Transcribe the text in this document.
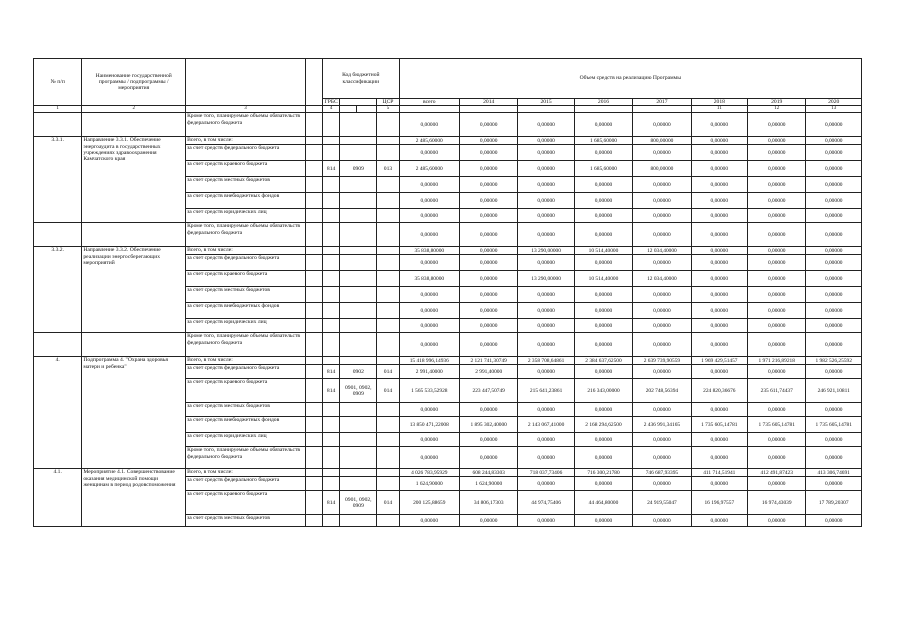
№ п/п	Наименование государственной программы / подпрограммы / мероприятия			Код бюджетной классификации				Объем средств на реализацию Программы							
				ГРБС			ЦСР	всего	2014	2015	2016	2017	2018	2019	2020
1	2	3		4			5						11	12	13
		Кроме того, планируемые объемы обязательств федерального бюджета						0,00000	0,00000	0,00000	0,00000	0,00000	0,00000	0,00000	0,00000
3.3.1.	Направление 3.3.1. Обеспечение энергоаудита в государственных учреждениях здравоохранения Камчатского края	Всего, в том числе:						2 485,60000	0,00000	0,00000	1 685,60000	800,00000	0,00000	0,00000	0,00000
		за счет средств федерального бюджета						0,00000	0,00000	0,00000	0,00000	0,00000	0,00000	0,00000	0,00000
		за счет средств краевого бюджета		814	0909		013	2 485,60000	0,00000	0,00000	1 685,60000	800,00000	0,00000	0,00000	0,00000
		за счет средств местных бюджетов						0,00000	0,00000	0,00000	0,00000	0,00000	0,00000	0,00000	0,00000
		за счет средств внебюджетных фондов						0,00000	0,00000	0,00000	0,00000	0,00000	0,00000	0,00000	0,00000
		за счет средств юридических лиц						0,00000	0,00000	0,00000	0,00000	0,00000	0,00000	0,00000	0,00000
		Кроме того, планируемые объемы обязательств федерального бюджета						0,00000	0,00000	0,00000	0,00000	0,00000	0,00000	0,00000	0,00000
3.3.2.	Направление 3.3.2. Обеспечение реализации энергосберегающих мероприятий	Всего, в том числе:						35 838,80000	0,00000	13 290,00000	10 514,40000	12 034,40000	0,00000	0,00000	0,00000
		за счет средств федерального бюджета						0,00000	0,00000	0,00000	0,00000	0,00000	0,00000	0,00000	0,00000
		за счет средств краевого бюджета						35 838,80000	0,00000	13 290,00000	10 514,40000	12 034,40000	0,00000	0,00000	0,00000
		за счет средств местных бюджетов						0,00000	0,00000	0,00000	0,00000	0,00000	0,00000	0,00000	0,00000
		за счет средств внебюджетных фондов						0,00000	0,00000	0,00000	0,00000	0,00000	0,00000	0,00000	0,00000
		за счет средств юридических лиц						0,00000	0,00000	0,00000	0,00000	0,00000	0,00000	0,00000	0,00000
		Кроме того, планируемые объемы обязательств федерального бюджета						0,00000	0,00000	0,00000	0,00000	0,00000	0,00000	0,00000	0,00000
4.	Подпрограмма 4. "Охрана здоровья матери и ребенка"	Всего, в том числе:						15 418 996,14936	2 121 741,30749	2 358 708,64861	2 384 637,62500	2 639 739,90559	1 969 429,51457	1 971 216,89218	1 982 526,25592
		за счет средств федерального бюджета		814	0902		014	2 991,40000	2 991,40000	0,00000	0,00000	0,00000	0,00000	0,00000	0,00000
		за счет средств краевого бюджета		814	0901, 0902, 0909		014	1 565 533,52928	223 447,50749	215 641,23861	216 343,00000	202 748,56394	224 820,36676	235 611,74437	246 921,10811
		за счет средств местных бюджетов						0,00000	0,00000	0,00000	0,00000	0,00000	0,00000	0,00000	0,00000
		за счет средств внебюджетных фондов						13 850 471,22008	1 895 302,40000	2 143 067,41000	2 168 294,62500	2 436 991,34165	1 735 605,14781	1 735 605,14781	1 735 605,14781
		за счет средств юридических лиц						0,00000	0,00000	0,00000	0,00000	0,00000	0,00000	0,00000	0,00000
		Кроме того, планируемые объемы обязательств федерального бюджета						0,00000	0,00000	0,00000	0,00000	0,00000	0,00000	0,00000	0,00000
4.1.	Мероприятие 4.1. Совершенствование оказания медицинской помощи женщинам в период родовспоможения	Всего, в том числе:						4 026 783,95929	608 244,83303	718 037,73406	716 300,21780	746 687,93395	411 714,51941	412 491,87423	413 306,74691
		за счет средств федерального бюджета						1 624,90000	1 624,90000	0,00000	0,00000	0,00000	0,00000	0,00000	0,00000
		за счет средств краевого бюджета		814	0901, 0902, 0909		014	200 125,88659	34 806,17303	44 974,75406	44 464,80000	24 919,55047	16 196,97557	16 974,43039	17 789,20307
		за счет средств местных бюджетов						0,00000	0,00000	0,00000	0,00000	0,00000	0,00000	0,00000	0,00000
